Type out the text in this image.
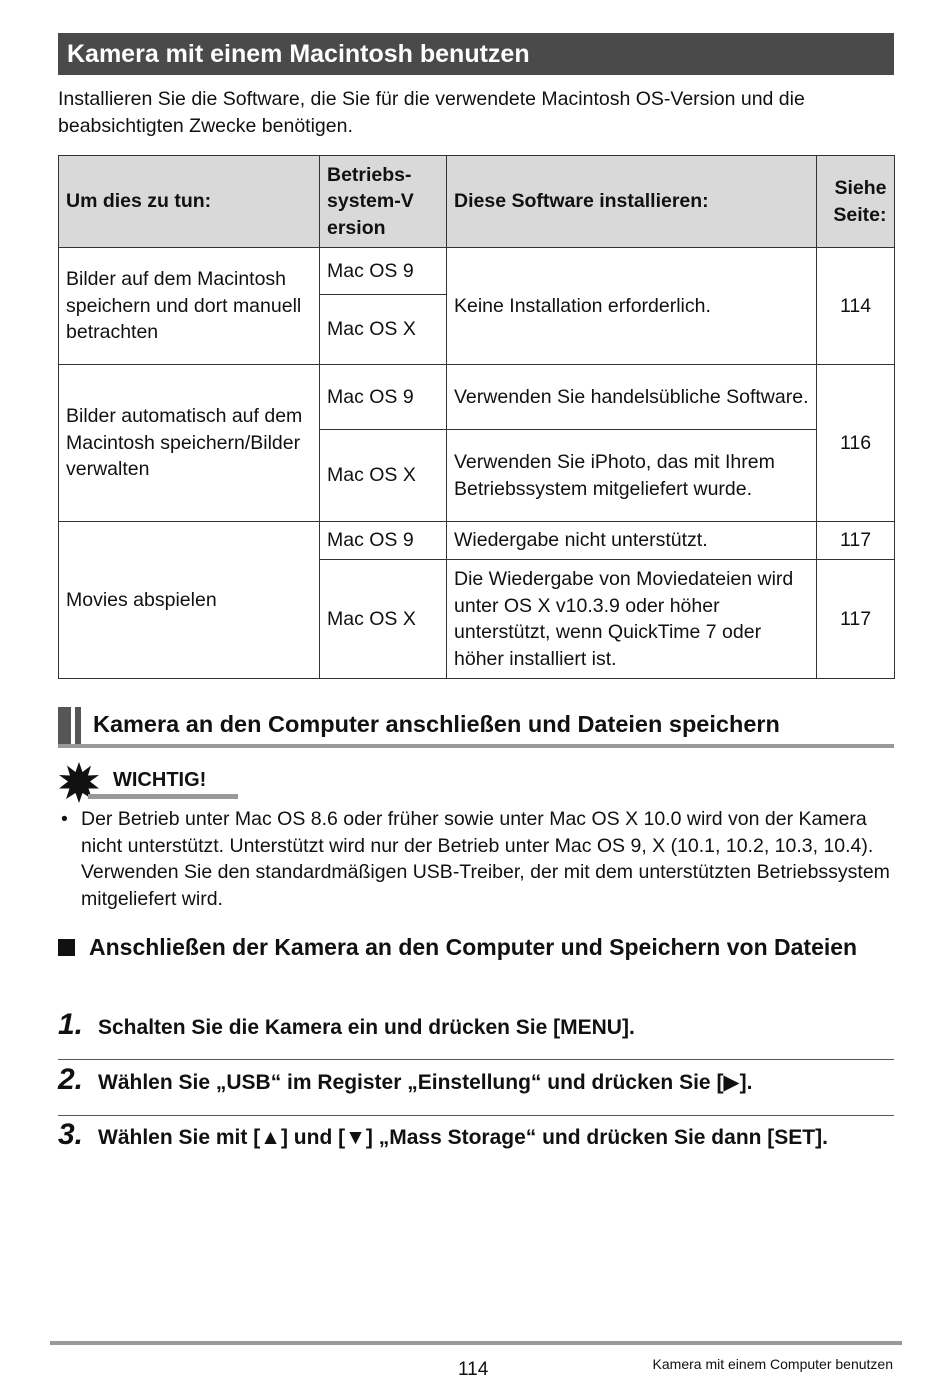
Kamera mit einem Macintosh benutzen
Installieren Sie die Software, die Sie für die verwendete Macintosh OS-Version und die beabsichtigten Zwecke benötigen.
Um dies zu tun:	Betriebs-system-Version	Diese Software installieren:	Siehe Seite:
Bilder auf dem Macintosh speichern und dort manuell betrachten	Mac OS 9	Keine Installation erforderlich.	114
	Mac OS X		
Bilder automatisch auf dem Macintosh speichern/Bilder verwalten	Mac OS 9	Verwenden Sie handelsübliche Software.	116
	Mac OS X	Verwenden Sie iPhoto, das mit Ihrem Betriebssystem mitgeliefert wurde.	
Movies abspielen	Mac OS 9	Wiedergabe nicht unterstützt.	117
	Mac OS X	Die Wiedergabe von Moviedateien wird unter OS X v10.3.9 oder höher unterstützt, wenn QuickTime 7 oder höher installiert ist.	117
Kamera an den Computer anschließen und Dateien speichern
WICHTIG!
• Der Betrieb unter Mac OS 8.6 oder früher sowie unter Mac OS X 10.0 wird von der Kamera nicht unterstützt. Unterstützt wird nur der Betrieb unter Mac OS 9, X (10.1, 10.2, 10.3, 10.4). Verwenden Sie den standardmäßigen USB-Treiber, der mit dem unterstützten Betriebssystem mitgeliefert wird.
Anschließen der Kamera an den Computer und Speichern von Dateien
1. Schalten Sie die Kamera ein und drücken Sie [MENU].
2. Wählen Sie „USB“ im Register „Einstellung“ und drücken Sie [▶].
3. Wählen Sie mit [▲] und [▼] „Mass Storage“ und drücken Sie dann [SET].
114	Kamera mit einem Computer benutzen
